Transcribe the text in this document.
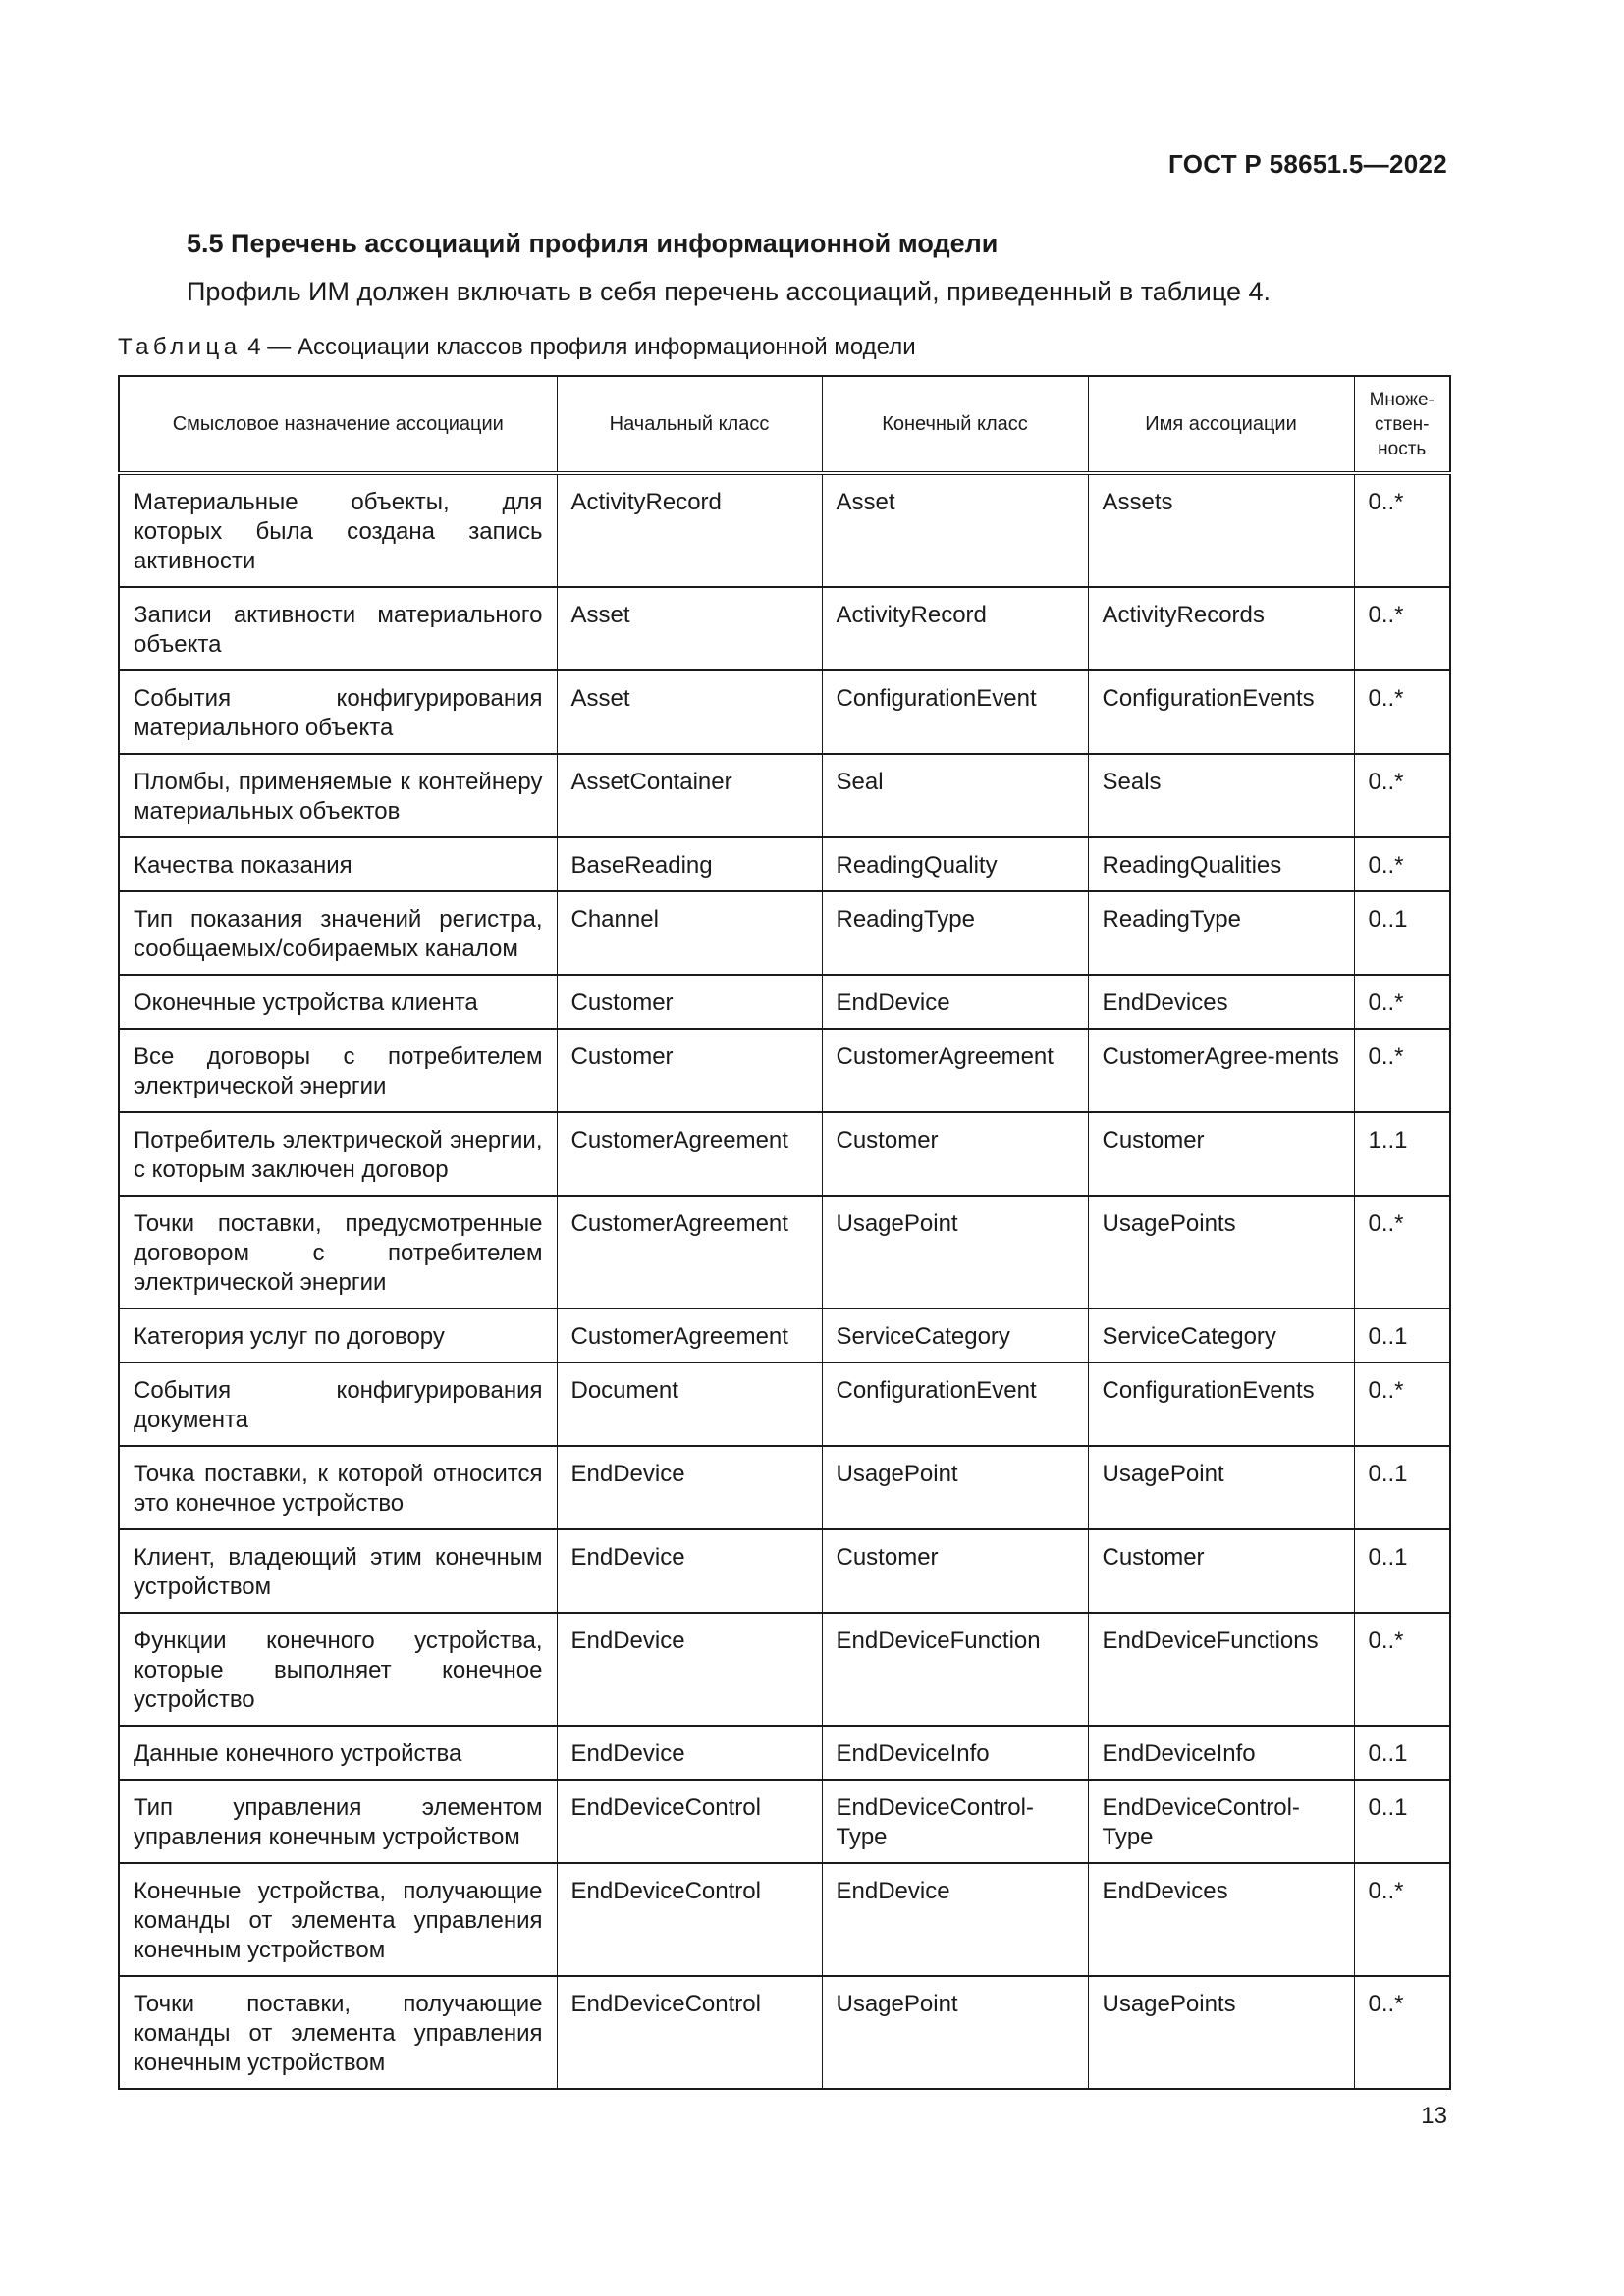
ГОСТ Р 58651.5—2022
5.5 Перечень ассоциаций профиля информационной модели
Профиль ИМ должен включать в себя перечень ассоциаций, приведенный в таблице 4.
Таблица 4 — Ассоциации классов профиля информационной модели
Смысловое назначение ассоциации	Начальный класс	Конечный класс	Имя ассоциации	Множе-ствен-ность
Материальные объекты, для которых была создана запись активности	ActivityRecord	Asset	Assets	0..*
Записи активности материального объекта	Asset	ActivityRecord	ActivityRecords	0..*
События конфигурирования материального объекта	Asset	ConfigurationEvent	ConfigurationEvents	0..*
Пломбы, применяемые к контейнеру материальных объектов	AssetContainer	Seal	Seals	0..*
Качества показания	BaseReading	ReadingQuality	ReadingQualities	0..*
Тип показания значений регистра, сообщаемых/собираемых каналом	Channel	ReadingType	ReadingType	0..1
Оконечные устройства клиента	Customer	EndDevice	EndDevices	0..*
Все договоры с потребителем электрической энергии	Customer	CustomerAgreement	CustomerAgree-ments	0..*
Потребитель электрической энергии, с которым заключен договор	CustomerAgreement	Customer	Customer	1..1
Точки поставки, предусмотренные договором с потребителем электрической энергии	CustomerAgreement	UsagePoint	UsagePoints	0..*
Категория услуг по договору	CustomerAgreement	ServiceCategory	ServiceCategory	0..1
События конфигурирования документа	Document	ConfigurationEvent	ConfigurationEvents	0..*
Точка поставки, к которой относится это конечное устройство	EndDevice	UsagePoint	UsagePoint	0..1
Клиент, владеющий этим конечным устройством	EndDevice	Customer	Customer	0..1
Функции конечного устройства, которые выполняет конечное устройство	EndDevice	EndDeviceFunction	EndDeviceFunctions	0..*
Данные конечного устройства	EndDevice	EndDeviceInfo	EndDeviceInfo	0..1
Тип управления элементом управления конечным устройством	EndDeviceControl	EndDeviceControl-Type	EndDeviceControl-Type	0..1
Конечные устройства, получающие команды от элемента управления конечным устройством	EndDeviceControl	EndDevice	EndDevices	0..*
Точки поставки, получающие команды от элемента управления конечным устройством	EndDeviceControl	UsagePoint	UsagePoints	0..*
13
